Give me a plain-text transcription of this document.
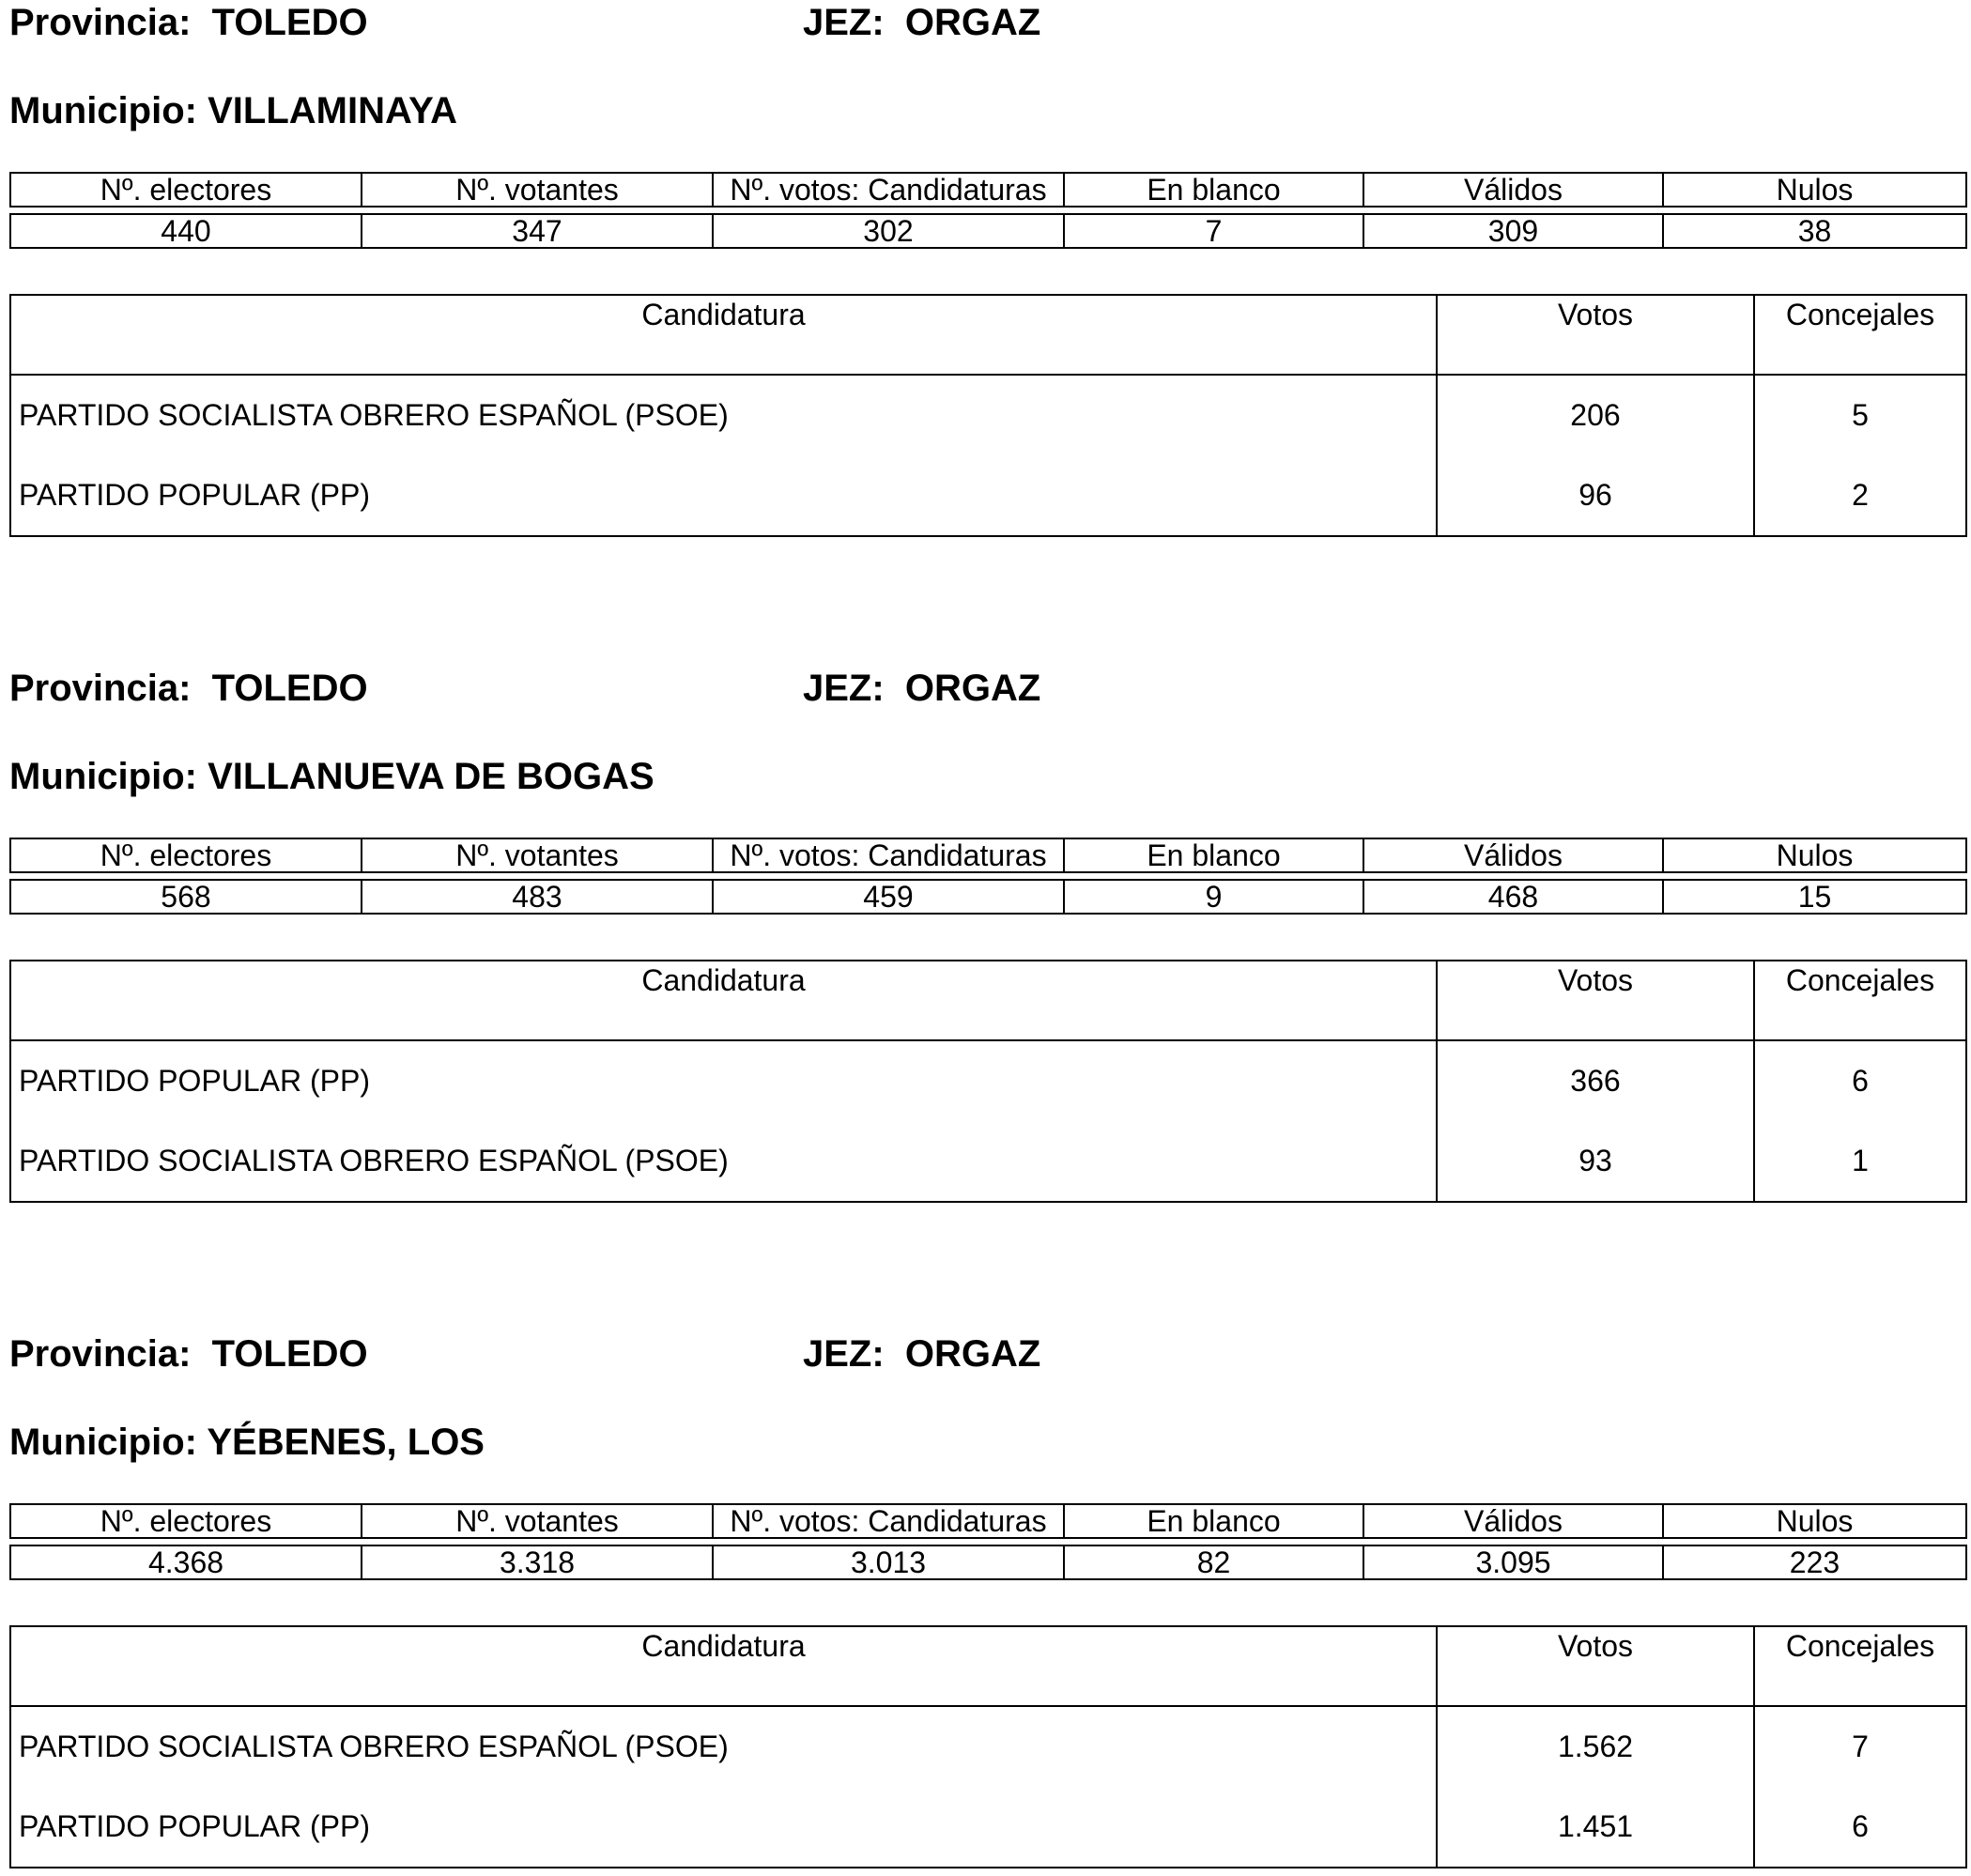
Provincia: TOLEDO	JEZ: ORGAZ
Municipio: VILLAMINAYA
Nº. electores	Nº. votantes	Nº. votos: Candidaturas	En blanco	Válidos	Nulos

440	347	302	7	309	38
Candidatura	Votos	Concejales
PARTIDO SOCIALISTA OBRERO ESPAÑOL (PSOE)	206	5
PARTIDO POPULAR (PP)	96	2
Provincia: TOLEDO	JEZ: ORGAZ
Municipio: VILLANUEVA DE BOGAS
Nº. electores	Nº. votantes	Nº. votos: Candidaturas	En blanco	Válidos	Nulos

568	483	459	9	468	15
Candidatura	Votos	Concejales
PARTIDO POPULAR (PP)	366	6
PARTIDO SOCIALISTA OBRERO ESPAÑOL (PSOE)	93	1
Provincia: TOLEDO	JEZ: ORGAZ
Municipio: YÉBENES, LOS
Nº. electores	Nº. votantes	Nº. votos: Candidaturas	En blanco	Válidos	Nulos

4.368	3.318	3.013	82	3.095	223
Candidatura	Votos	Concejales
PARTIDO SOCIALISTA OBRERO ESPAÑOL (PSOE)	1.562	7
PARTIDO POPULAR (PP)	1.451	6
